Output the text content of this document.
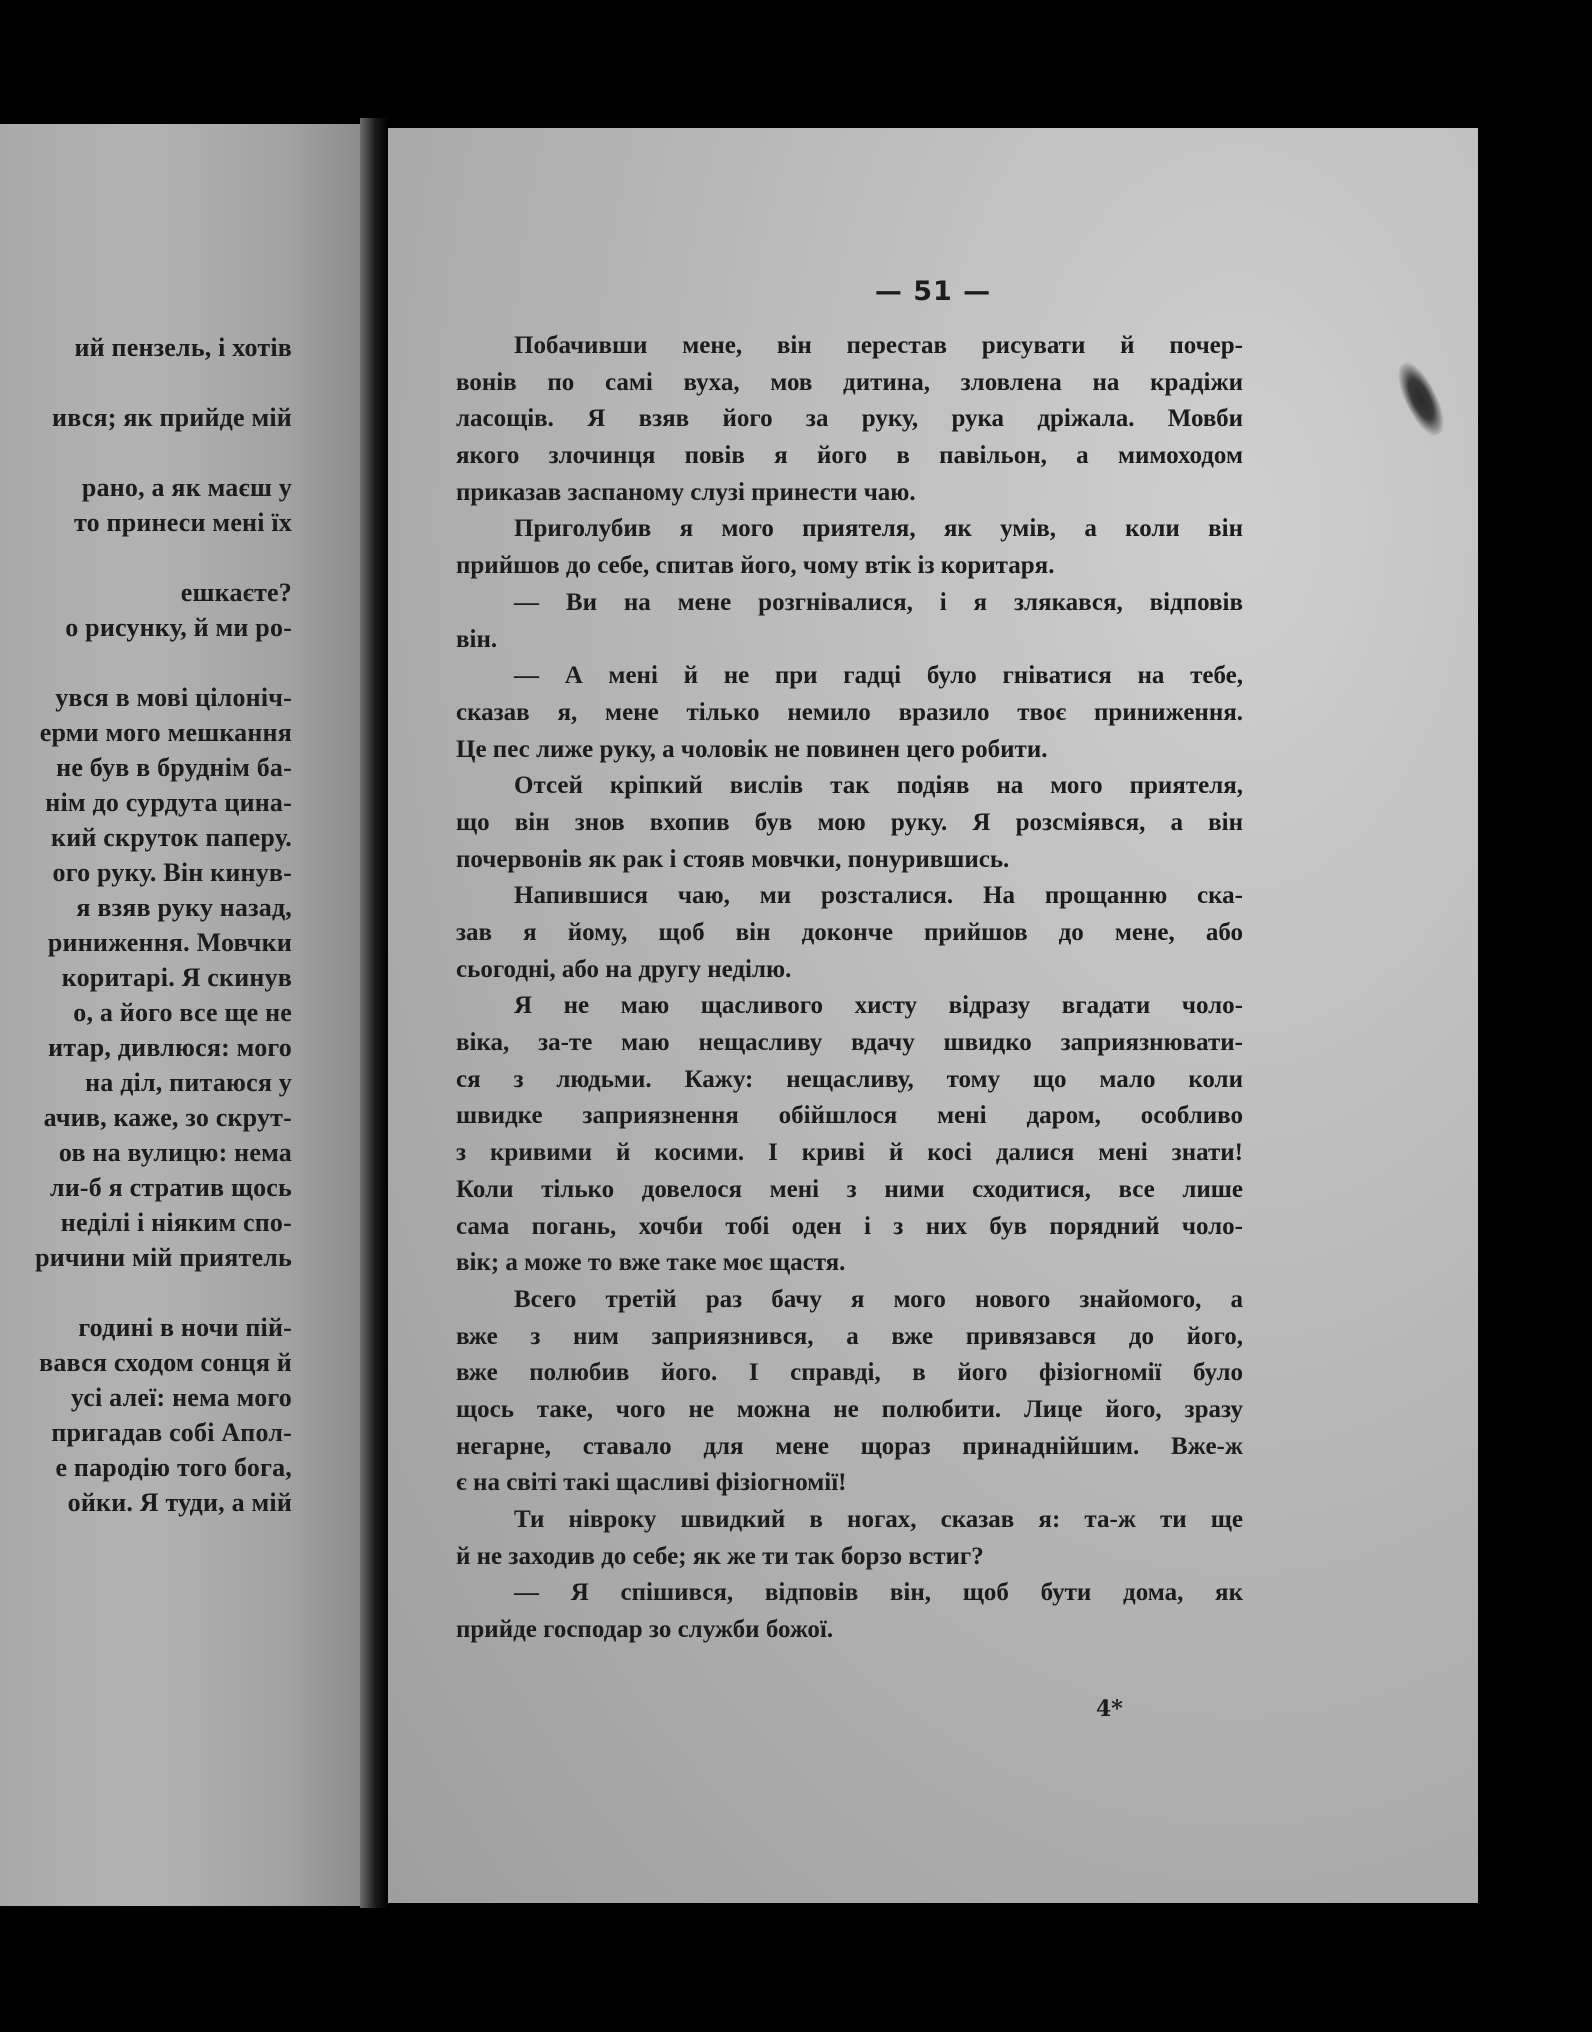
ий пензель, і хотів
ився; як прийде мій
рано, а як маєш у
то принеси мені їх
ешкаєте?
о рисунку, й ми ро-
увся в мові цілоніч-
ерми мого мешкання
не був в бруднім ба-
нім до сурдута цина-
кий скруток паперу.
ого руку. Він кинув-
я взяв руку назад,
риниження. Мовчки
коритарі. Я скинув
о, а його все ще не
итар, дивлюся: мого
на діл, питаюся у
ачив, каже, зо скрут-
ов на вулицю: нема
ли-б я стратив щось
неділі і ніяким спо-
ричини мій приятель
годині в ночи пій-
вався сходом сонця й
усі алеї: нема мого
пригадав собі Апол-
е пародію того бога,
ойки. Я туди, а мій
— 51 —
Побачивши мене, він перестав рисувати й почер-
вонів по самі вуха, мов дитина, зловлена на крадіжи
ласощів. Я взяв його за руку, рука дріжала. Мовби
якого злочинця повів я його в павільон, а мимоходом
приказав заспаному слузі принести чаю.
Приголубив я мого приятеля, як умів, а коли він
прийшов до себе, спитав його, чому втік із коритаря.
— Ви на мене розгнівалися, і я злякався, відповів
він.
— А мені й не при гадці було гніватися на тебе,
сказав я, мене тілько немило вразило твоє приниження.
Це пес лиже руку, а чоловік не повинен цего робити.
Отсей кріпкий вислів так подіяв на мого приятеля,
що він знов вхопив був мою руку. Я розсміявся, а він
почервонів як рак і стояв мовчки, понурившись.
Напившися чаю, ми розсталися. На прощанню ска-
зав я йому, щоб він доконче прийшов до мене, або
сьогодні, або на другу неділю.
Я не маю щасливого хисту відразу вгадати чоло-
віка, за-те маю нещасливу вдачу швидко заприязнювати-
ся з людьми. Кажу: нещасливу, тому що мало коли
швидке заприязнення обійшлося мені даром, особливо
з кривими й косими. І криві й косі далися мені знати!
Коли тілько довелося мені з ними сходитися, все лише
сама погань, хочби тобі оден і з них був порядний чоло-
вік; а може то вже таке моє щастя.
Всего третій раз бачу я мого нового знайомого, а
вже з ним заприязнився, а вже привязався до його,
вже полюбив його. І справді, в його фізіогномії було
щось таке, чого не можна не полюбити. Лице його, зразу
негарне, ставало для мене щораз принаднійшим. Вже-ж
є на світі такі щасливі фізіогномії!
Ти нівроку швидкий в ногах, сказав я: та-ж ти ще
й не заходив до себе; як же ти так борзо встиг?
— Я спішився, відповів він, щоб бути дома, як
прийде господар зо служби божої.
4*
